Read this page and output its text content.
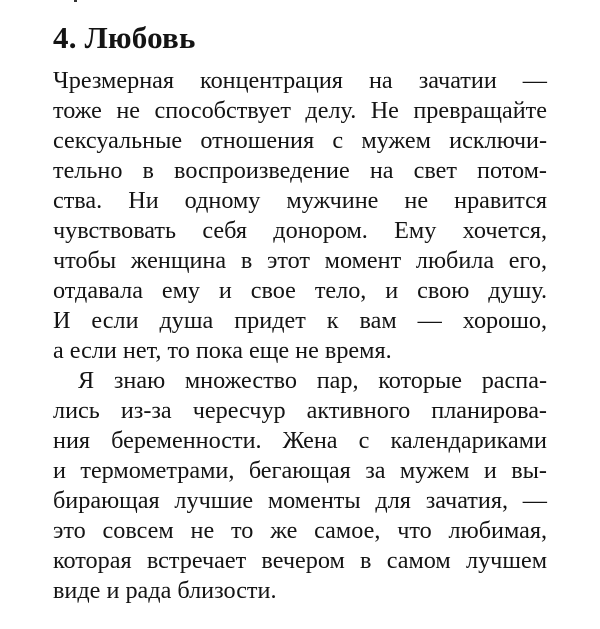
4. Любовь
Чрезмерная концентрация на зачатии —
тоже не способствует делу. Не превращайте
сексуальные отношения с мужем исключи-
тельно в воспроизведение на свет потом-
ства. Ни одному мужчине не нравится
чувствовать себя донором. Ему хочется,
чтобы женщина в этот момент любила его,
отдавала ему и свое тело, и свою душу.
И если душа придет к вам — хорошо,
а если нет, то пока еще не время.
Я знаю множество пар, которые распа-
лись из-за чересчур активного планирова-
ния беременности. Жена с календариками
и термометрами, бегающая за мужем и вы-
бирающая лучшие моменты для зачатия, —
это совсем не то же самое, что любимая,
которая встречает вечером в самом лучшем
виде и рада близости.
